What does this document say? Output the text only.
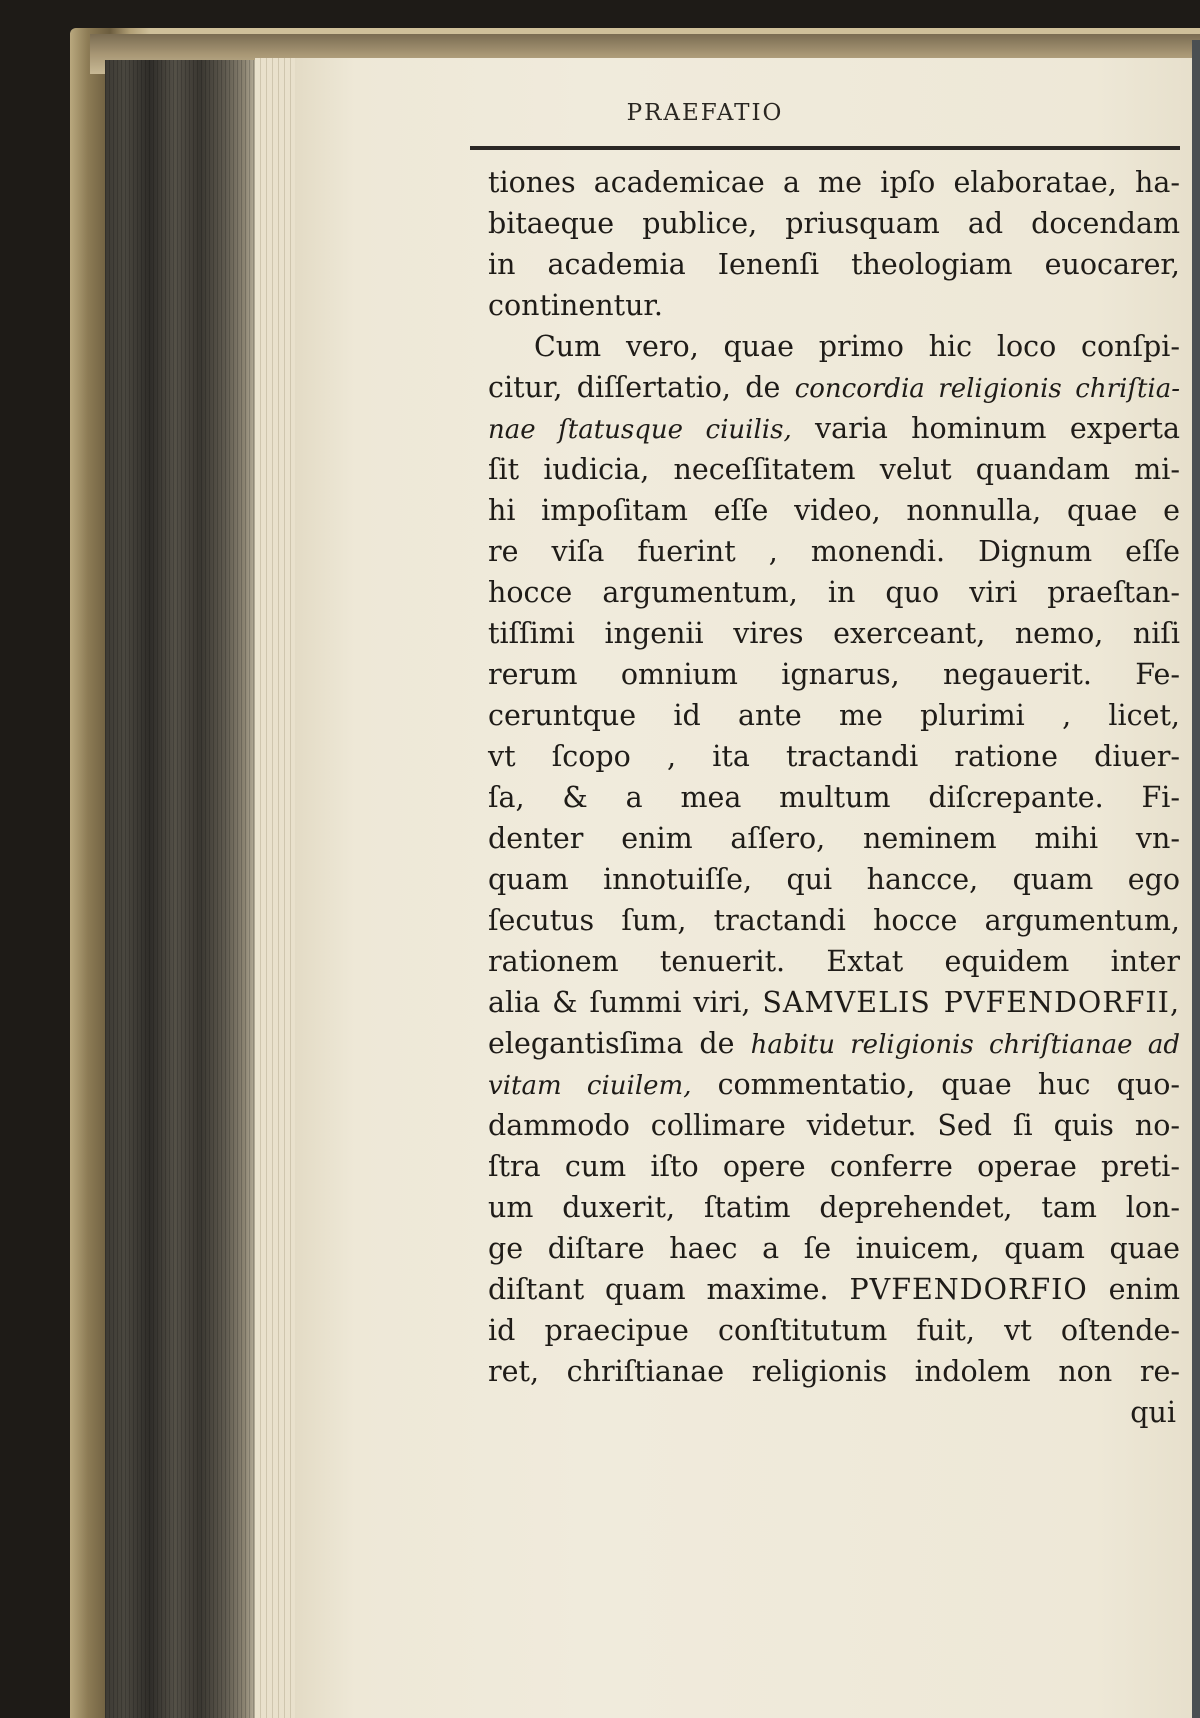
PRAEFATIO
tiones academicae a me ipſo elaboratae, ha-
bitaeque publice, priusquam ad docendam
in academia Ienenſi theologiam euocarer,
continentur.
Cum vero, quae primo hic loco conſpi-
citur, diſſertatio, de concordia religionis chriſtia-
nae ſtatusque ciuilis, varia hominum experta
ſit iudicia, neceſſitatem velut quandam mi-
hi impoſitam eſſe video, nonnulla, quae e
re viſa fuerint , monendi. Dignum eſſe
hocce argumentum, in quo viri praeſtan-
tiſſimi ingenii vires exerceant, nemo, niſi
rerum omnium ignarus, negauerit. Fe-
ceruntque id ante me plurimi , licet,
vt ſcopo , ita tractandi ratione diuer-
ſa, & a mea multum diſcrepante. Fi-
denter enim aſſero, neminem mihi vn-
quam innotuiſſe, qui hancce, quam ego
ſecutus ſum, tractandi hocce argumentum,
rationem tenuerit. Extat equidem inter
alia & ſummi viri, SAMVELIS PVFENDORFII,
elegantisſima de habitu religionis chriſtianae ad
vitam ciuilem, commentatio, quae huc quo-
dammodo collimare videtur. Sed ſi quis no-
ſtra cum iſto opere conferre operae preti-
um duxerit, ſtatim deprehendet, tam lon-
ge diſtare haec a ſe inuicem, quam quae
diſtant quam maxime. PVFENDORFIO enim
id praecipue conſtitutum fuit, vt oſtende-
ret, chriſtianae religionis indolem non re-
qui
